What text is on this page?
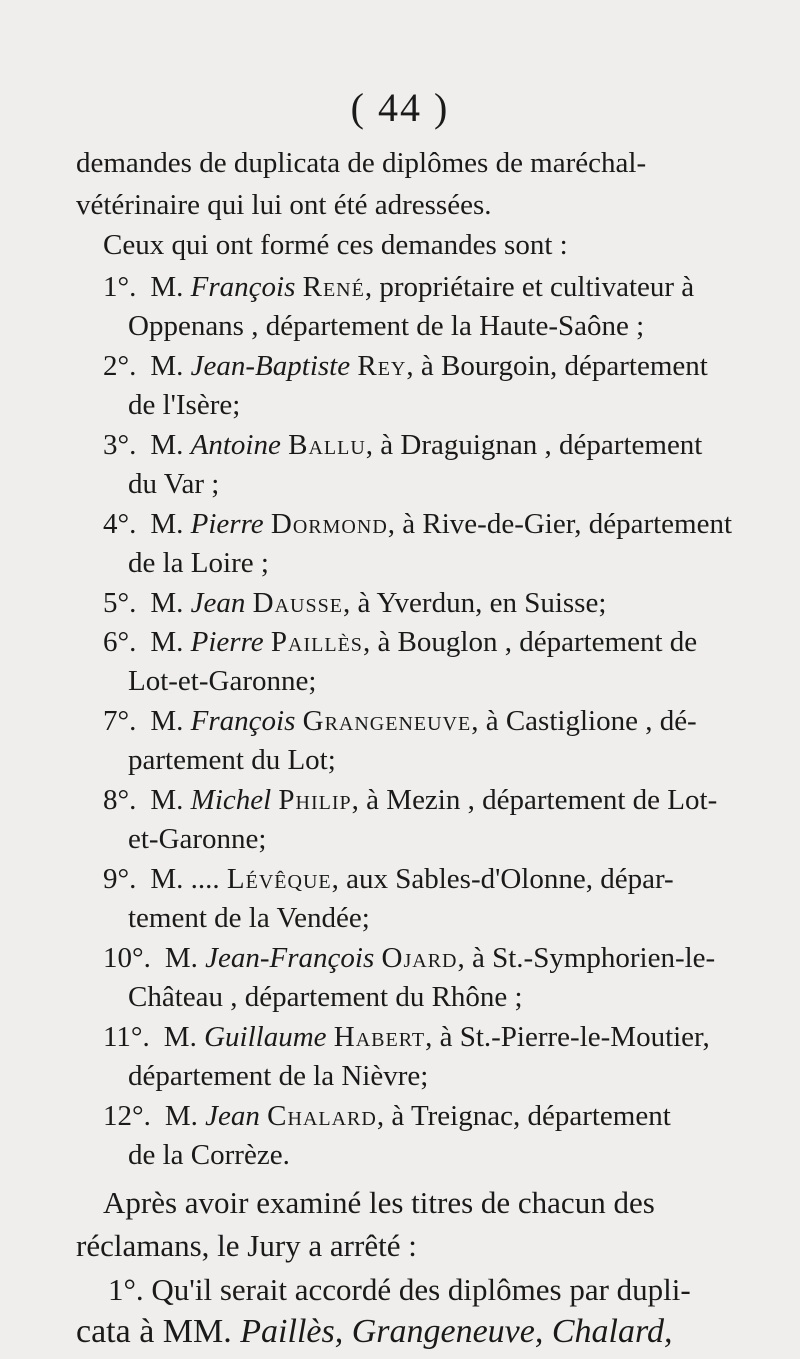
( 44 )
demandes de duplicata de diplômes de maréchal-
vétérinaire qui lui ont été adressées.
Ceux qui ont formé ces demandes sont :
1°. M. François René, propriétaire et cultivateur à
Oppenans , département de la Haute-Saône ;
2°. M. Jean-Baptiste Rey, à Bourgoin, département
de l'Isère;
3°. M. Antoine Ballu, à Draguignan , département
du Var ;
4°. M. Pierre Dormond, à Rive-de-Gier, département
de la Loire ;
5°. M. Jean Dausse, à Yverdun, en Suisse;
6°. M. Pierre Paillès, à Bouglon , département de
Lot-et-Garonne;
7°. M. François Grangeneuve, à Castiglione , dé-
partement du Lot;
8°. M. Michel Philip, à Mezin , département de Lot-
et-Garonne;
9°. M. .... Lévêque, aux Sables-d'Olonne, dépar-
tement de la Vendée;
10°. M. Jean-François Ojard, à St.-Symphorien-le-
Château , département du Rhône ;
11°. M. Guillaume Habert, à St.-Pierre-le-Moutier,
département de la Nièvre;
12°. M. Jean Chalard, à Treignac, département
de la Corrèze.
Après avoir examiné les titres de chacun des
réclamans, le Jury a arrêté :
1°. Qu'il serait accordé des diplômes par dupli-
cata à MM. Paillès, Grangeneuve, Chalard,
